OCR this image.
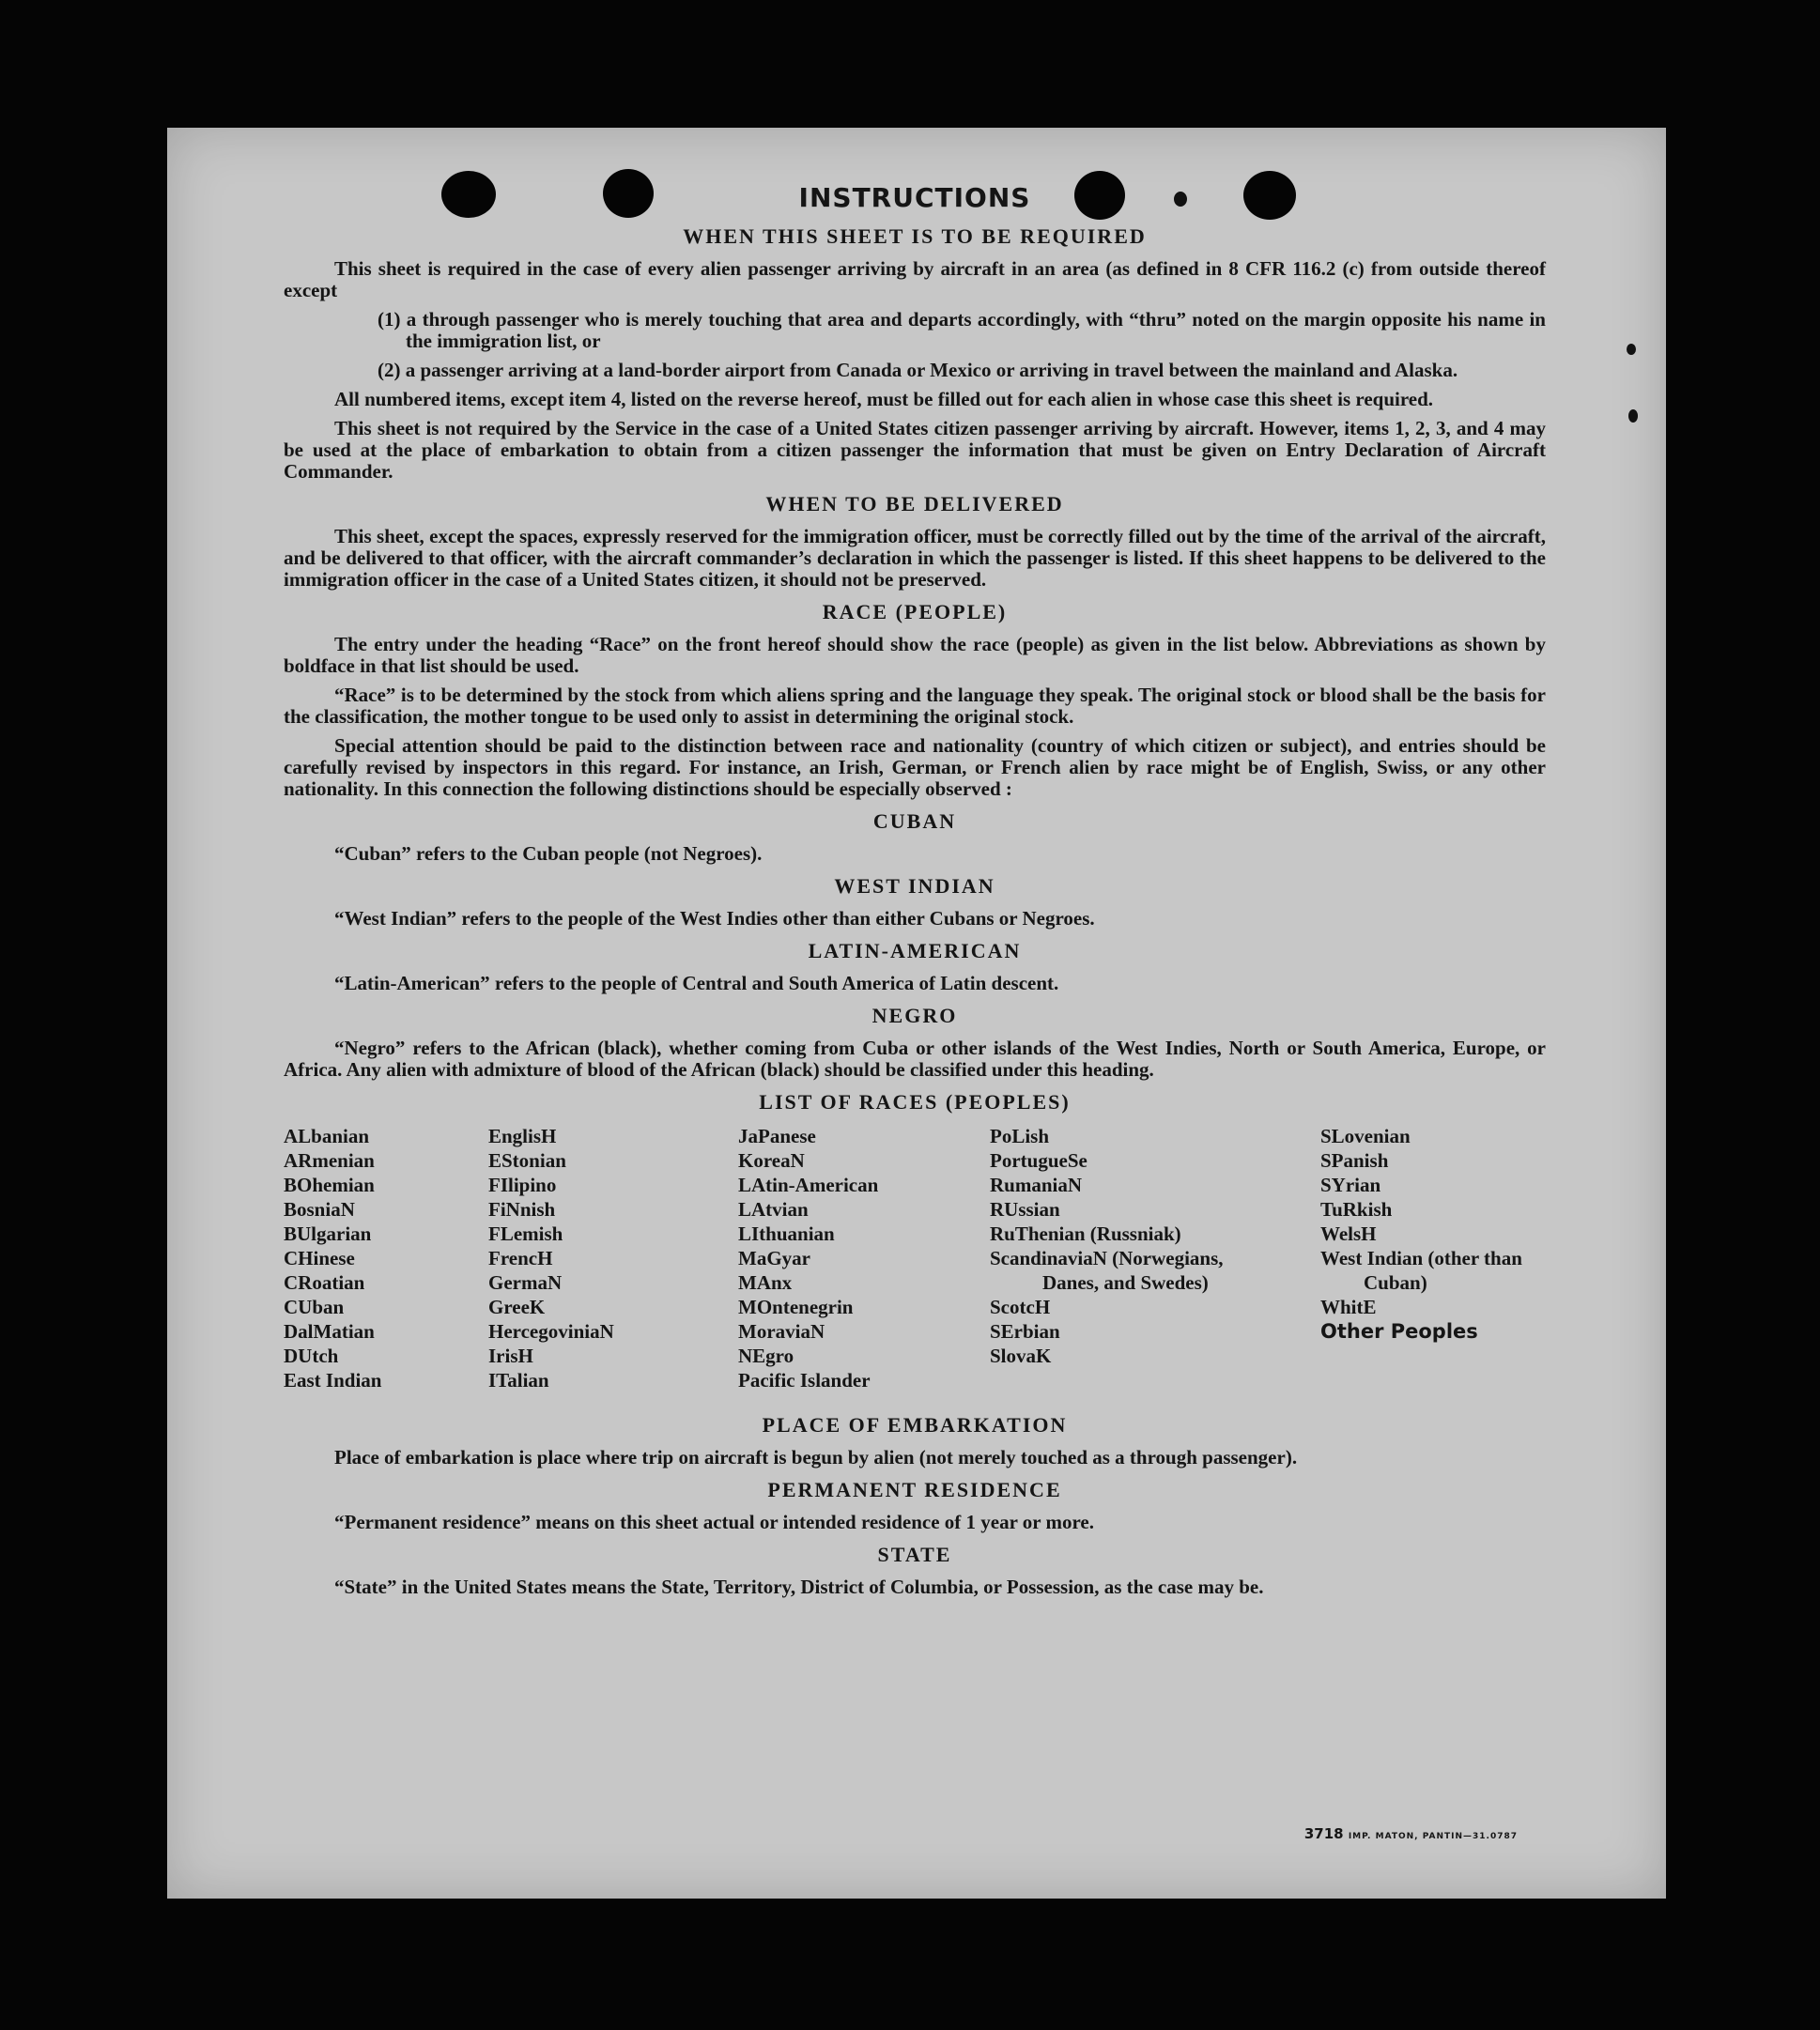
INSTRUCTIONS
WHEN THIS SHEET IS TO BE REQUIRED

This sheet is required in the case of every alien passenger arriving by aircraft in an area (as defined in 8 CFR 116.2 (c) from outside thereof except

(1) a through passenger who is merely touching that area and departs accordingly, with “thru” noted on the margin opposite his name in the immigration list, or

(2) a passenger arriving at a land-border airport from Canada or Mexico or arriving in travel between the mainland and Alaska.

All numbered items, except item 4, listed on the reverse hereof, must be filled out for each alien in whose case this sheet is required.

This sheet is not required by the Service in the case of a United States citizen passenger arriving by aircraft. However, items 1, 2, 3, and 4 may be used at the place of embarkation to obtain from a citizen passenger the information that must be given on Entry Declaration of Aircraft Commander.

WHEN TO BE DELIVERED

This sheet, except the spaces, expressly reserved for the immigration officer, must be correctly filled out by the time of the arrival of the aircraft, and be delivered to that officer, with the aircraft commander’s declaration in which the passenger is listed. If this sheet happens to be delivered to the immigration officer in the case of a United States citizen, it should not be preserved.

RACE (PEOPLE)

The entry under the heading “Race” on the front hereof should show the race (people) as given in the list below. Abbreviations as shown by boldface in that list should be used.

“Race” is to be determined by the stock from which aliens spring and the language they speak. The original stock or blood shall be the basis for the classification, the mother tongue to be used only to assist in determining the original stock.

Special attention should be paid to the distinction between race and nationality (country of which citizen or subject), and entries should be carefully revised by inspectors in this regard. For instance, an Irish, German, or French alien by race might be of English, Swiss, or any other nationality. In this connection the following distinctions should be especially observed :

CUBAN

“Cuban” refers to the Cuban people (not Negroes).

WEST INDIAN

“West Indian” refers to the people of the West Indies other than either Cubans or Negroes.

LATIN-AMERICAN

“Latin-American” refers to the people of Central and South America of Latin descent.

NEGRO

“Negro” refers to the African (black), whether coming from Cuba or other islands of the West Indies, North or South America, Europe, or Africa. Any alien with admixture of blood of the African (black) should be classified under this heading.

LIST OF RACES (PEOPLES)
ALbanian
ARmenian
BOhemian
BosniaN
BUlgarian
CHinese
CRoatian
CUban
DalMatian
DUtch
East Indian
EnglisH
EStonian
FIlipino
FiNnish
FLemish
FrencH
GermaN
GreeK
HercegoviniaN
IrisH
ITalian
JaPanese
KoreaN
LAtin-American
LAtvian
LIthuanian
MaGyar
MAnx
MOntenegrin
MoraviaN
NEgro
Pacific Islander
PoLish
PortugueSe
RumaniaN
RUssian
RuThenian (Russniak)
ScandinaviaN (Norwegians, Danes, and Swedes)
ScotcH
SErbian
SlovaK
SLovenian
SPanish
SYrian
TuRkish
WelsH
West Indian (other than Cuban)
WhitE
Other Peoples
PLACE OF EMBARKATION

Place of embarkation is place where trip on aircraft is begun by alien (not merely touched as a through passenger).

PERMANENT RESIDENCE

“Permanent residence” means on this sheet actual or intended residence of 1 year or more.

STATE

“State” in the United States means the State, Territory, District of Columbia, or Possession, as the case may be.

3718 IMP. MATON, PANTIN—31.0787
